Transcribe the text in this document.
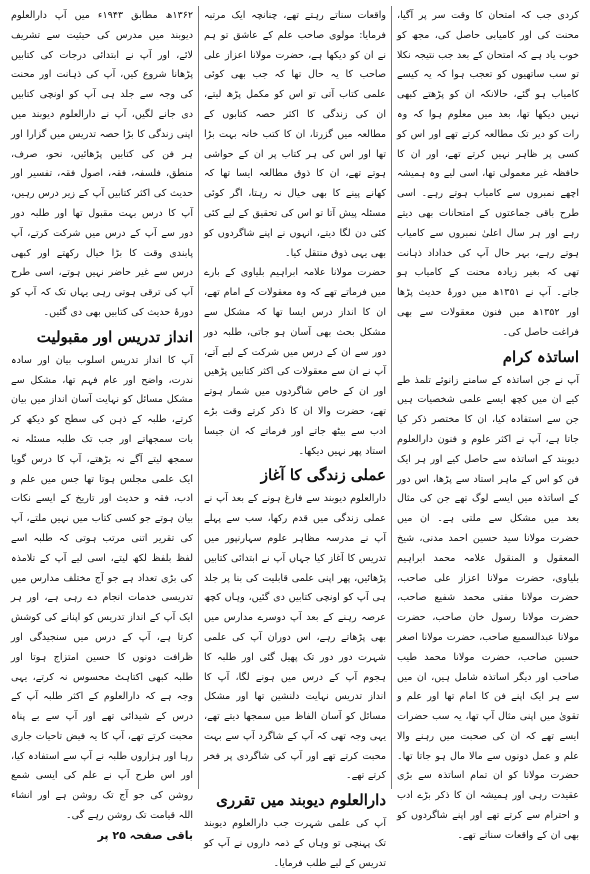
کردی جب کہ امتحان کا وقت سر پر آگیا، محنت کی اور کامیابی حاصل کی، مجھ کو خوب یاد ہے کہ امتحان کے بعد جب نتیجہ نکلا تو سب ساتھیوں کو تعجب ہوا کہ یہ کیسے کامیاب ہو گئے، حالانکہ ان کو پڑھتے کبھی نہیں دیکھا تھا، بعد میں معلوم ہوا کہ وہ رات کو دیر تک مطالعہ کرتے تھے اور اس کو کسی پر ظاہر نہیں کرتے تھے، اور ان کا حافظہ غیر معمولی تھا، اسی لیے وہ ہمیشہ اچھے نمبروں سے کامیاب ہوتے رہے۔ اسی طرح باقی جماعتوں کے امتحانات بھی دیتے رہے اور ہر سال اعلیٰ نمبروں سے کامیاب ہوتے رہے، بہر حال آپ کی خداداد ذہانت تھی کہ بغیر زیادہ محنت کے کامیاب ہو جاتے۔ آپ نے ۱۳۵۱ھ میں دورۂ حدیث پڑھا اور ۱۳۵۲ھ میں فنون معقولات سے بھی فراغت حاصل کی۔

اساتذہ کرام

آپ نے جن اساتذہ کے سامنے زانوئے تلمذ طے کیے ان میں کچھ ایسے علمی شخصیات ہیں جن سے استفادہ کیا، ان کا مختصر ذکر کیا جاتا ہے، آپ نے اکثر علوم و فنون دارالعلوم دیوبند کے اساتذہ سے حاصل کیے اور ہر ایک فن کو اس کے ماہر استاد سے پڑھا، اس دور کے اساتذہ میں ایسے لوگ تھے جن کی مثال بعد میں مشکل سے ملتی ہے۔ ان میں حضرت مولانا سید حسین احمد مدنی، شیخ المعقول و المنقول علامہ محمد ابراہیم بلیاوی، حضرت مولانا اعزاز علی صاحب، حضرت مولانا مفتی محمد شفیع صاحب، حضرت مولانا رسول خان صاحب، حضرت مولانا عبدالسمیع صاحب، حضرت مولانا اصغر حسین صاحب، حضرت مولانا محمد طیب صاحب اور دیگر اساتذہ شامل ہیں، ان میں سے ہر ایک اپنے فن کا امام تھا اور علم و تقویٰ میں اپنی مثال آپ تھا، یہ سب حضرات ایسے تھے کہ ان کی صحبت میں رہنے والا علم و عمل دونوں سے مالا مال ہو جاتا تھا۔ حضرت مولانا کو ان تمام اساتذہ سے بڑی عقیدت رہی اور ہمیشہ ان کا ذکر بڑے ادب و احترام سے کرتے تھے اور اپنے شاگردوں کو بھی ان کے واقعات سناتے تھے۔

واقعات سناتے رہتے تھے، چنانچہ ایک مرتبہ فرمایا: مولوی صاحب علم کے عاشق تو ہم نے ان کو دیکھا ہے، حضرت مولانا اعزاز علی صاحب کا یہ حال تھا کہ جب بھی کوئی علمی کتاب آتی تو اس کو مکمل پڑھ لیتے، ان کی زندگی کا اکثر حصہ کتابوں کے مطالعہ میں گزرتا، ان کا کتب خانہ بہت بڑا تھا اور اس کی ہر کتاب پر ان کے حواشی ہوتے تھے، ان کا ذوق مطالعہ ایسا تھا کہ کھانے پینے کا بھی خیال نہ رہتا، اگر کوئی مسئلہ پیش آتا تو اس کی تحقیق کے لیے کئی کئی دن لگا دیتے، انہوں نے اپنے شاگردوں کو بھی یہی ذوق منتقل کیا۔

حضرت مولانا علامہ ابراہیم بلیاوی کے بارے میں فرماتے تھے کہ وہ معقولات کے امام تھے، ان کا انداز درس ایسا تھا کہ مشکل سے مشکل بحث بھی آسان ہو جاتی، طلبہ دور دور سے ان کے درس میں شرکت کے لیے آتے، آپ نے ان سے معقولات کی اکثر کتابیں پڑھیں اور ان کے خاص شاگردوں میں شمار ہوتے تھے، حضرت والا ان کا ذکر کرتے وقت بڑے ادب سے بیٹھ جاتے اور فرماتے کہ ان جیسا استاد پھر نہیں دیکھا۔

عملی زندگی کا آغاز

دارالعلوم دیوبند سے فارغ ہونے کے بعد آپ نے عملی زندگی میں قدم رکھا، سب سے پہلے آپ نے مدرسہ مظاہر علوم سہارنپور میں تدریس کا آغاز کیا جہاں آپ نے ابتدائی کتابیں پڑھائیں، پھر اپنی علمی قابلیت کی بنا پر جلد ہی آپ کو اونچی کتابیں دی گئیں، وہاں کچھ عرصہ رہنے کے بعد آپ دوسرے مدارس میں بھی پڑھاتے رہے، اس دوران آپ کی علمی شہرت دور دور تک پھیل گئی اور طلبہ کا ہجوم آپ کے درس میں ہونے لگا، آپ کا انداز تدریس نہایت دلنشین تھا اور مشکل مسائل کو آسان الفاظ میں سمجھا دیتے تھے، یہی وجہ تھی کہ آپ کے شاگرد آپ سے بہت محبت کرتے تھے اور آپ کی شاگردی پر فخر کرتے تھے۔

دارالعلوم دیوبند میں تقرری

آپ کی علمی شہرت جب دارالعلوم دیوبند تک پہنچی تو وہاں کے ذمہ داروں نے آپ کو تدریس کے لیے طلب فرمایا۔

۱۳۶۲ھ مطابق ۱۹۴۳ء میں آپ دارالعلوم دیوبند میں مدرس کی حیثیت سے تشریف لائے، اور آپ نے ابتدائی درجات کی کتابیں پڑھانا شروع کیں، آپ کی ذہانت اور محنت کی وجہ سے جلد ہی آپ کو اونچی کتابیں دی جانے لگیں، آپ نے دارالعلوم دیوبند میں اپنی زندگی کا بڑا حصہ تدریس میں گزارا اور ہر فن کی کتابیں پڑھائیں، نحو، صرف، منطق، فلسفہ، فقہ، اصول فقہ، تفسیر اور حدیث کی اکثر کتابیں آپ کے زیر درس رہیں، آپ کا درس بہت مقبول تھا اور طلبہ دور دور سے آپ کے درس میں شرکت کرتے، آپ پابندی وقت کا بڑا خیال رکھتے اور کبھی درس سے غیر حاضر نہیں ہوتے، اسی طرح آپ کی ترقی ہوتی رہی یہاں تک کہ آپ کو دورۂ حدیث کی کتابیں بھی دی گئیں۔

انداز تدریس اور مقبولیت

آپ کا انداز تدریس اسلوب بیان اور سادہ ندرت، واضح اور عام فہم تھا، مشکل سے مشکل مسائل کو نہایت آسان انداز میں بیان کرتے، طلبہ کے ذہن کی سطح کو دیکھ کر بات سمجھاتے اور جب تک طلبہ مسئلہ نہ سمجھ لیتے آگے نہ بڑھتے، آپ کا درس گویا ایک علمی مجلس ہوتا تھا جس میں علم و ادب، فقہ و حدیث اور تاریخ کے ایسے نکات بیان ہوتے جو کسی کتاب میں نہیں ملتے، آپ کی تقریر اتنی مرتب ہوتی کہ طلبہ اسے لفظ بلفظ لکھ لیتے، اسی لیے آپ کے تلامذہ کی بڑی تعداد ہے جو آج مختلف مدارس میں تدریسی خدمات انجام دے رہی ہے، اور ہر ایک آپ کے انداز تدریس کو اپنانے کی کوشش کرتا ہے، آپ کے درس میں سنجیدگی اور ظرافت دونوں کا حسین امتزاج ہوتا اور طلبہ کبھی اکتاہٹ محسوس نہ کرتے، یہی وجہ ہے کہ دارالعلوم کے اکثر طلبہ آپ کے درس کے شیدائی تھے اور آپ سے بے پناہ محبت کرتے تھے، آپ کا یہ فیض تاحیات جاری رہا اور ہزاروں طلبہ نے آپ سے استفادہ کیا، اور اس طرح آپ نے علم کی ایسی شمع روشن کی جو آج تک روشن ہے اور انشاء اللہ قیامت تک روشن رہے گی۔

باقی صفحہ ۲۵ پر
